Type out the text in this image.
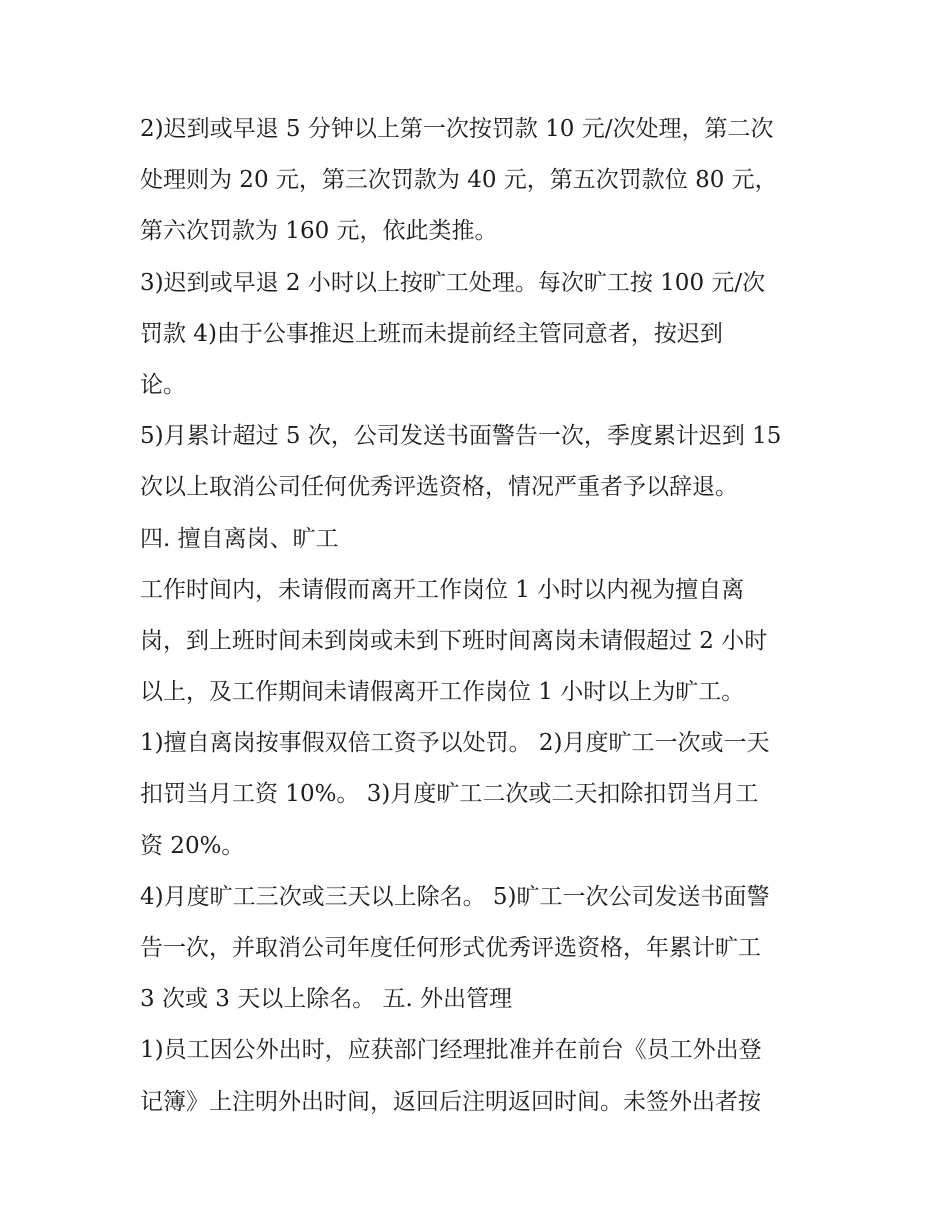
2)迟到或早退 5 分钟以上第一次按罚款 10 元/次处理，第二次
处理则为 20 元，第三次罚款为 40 元，第五次罚款位 80 元，
第六次罚款为 160 元，依此类推。
3)迟到或早退 2 小时以上按旷工处理。每次旷工按 100 元/次
罚款 4)由于公事推迟上班而未提前经主管同意者，按迟到
论。
5)月累计超过 5 次，公司发送书面警告一次，季度累计迟到 15
次以上取消公司任何优秀评选资格，情况严重者予以辞退。
四. 擅自离岗、旷工
工作时间内，未请假而离开工作岗位 1 小时以内视为擅自离
岗，到上班时间未到岗或未到下班时间离岗未请假超过 2 小时
以上，及工作期间未请假离开工作岗位 1 小时以上为旷工。
1)擅自离岗按事假双倍工资予以处罚。 2)月度旷工一次或一天
扣罚当月工资 10%。 3)月度旷工二次或二天扣除扣罚当月工
资 20%。
4)月度旷工三次或三天以上除名。 5)旷工一次公司发送书面警
告一次，并取消公司年度任何形式优秀评选资格，年累计旷工
3 次或 3 天以上除名。 五. 外出管理
1)员工因公外出时，应获部门经理批准并在前台《员工外出登
记簿》上注明外出时间，返回后注明返回时间。未签外出者按
